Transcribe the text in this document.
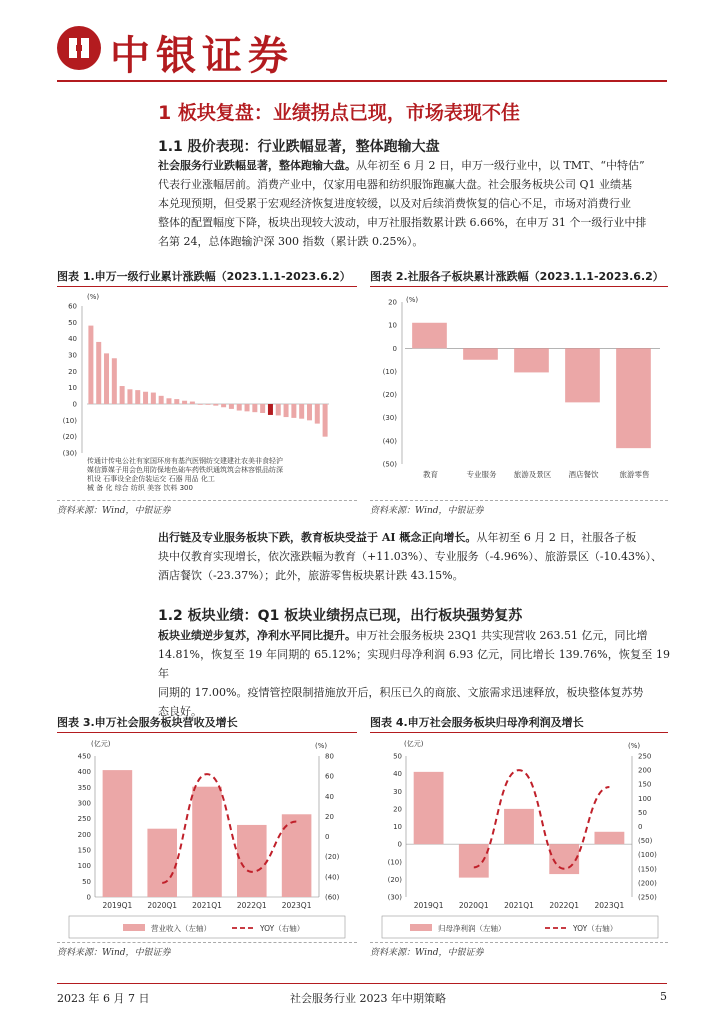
中银证券
1 板块复盘：业绩拐点已现，市场表现不佳
1.1 股价表现：行业跌幅显著，整体跑输大盘
社会服务行业跌幅显著，整体跑输大盘。从年初至 6 月 2 日，申万一级行业中，以 TMT、“中特估”
代表行业涨幅居前。消费产业中，仅家用电器和纺织服饰跑赢大盘。社会服务板块公司 Q1 业绩基
本兑现预期，但受累于宏观经济恢复进度较缓，以及对后续消费恢复的信心不足，市场对消费行业
整体的配置幅度下降，板块出现较大波动，申万社服指数累计跌 6.66%，在申万 31 个一级行业中排
名第 24，总体跑输沪深 300 指数（累计跌 0.25%）。
图表 1.申万一级行业累计涨跌幅（2023.1.1-2023.6.2）
(%)
60
50
40
30
20
10
0
(10)
(20)
(30)
传通计传电公社有家国环房有基汽医钢纺交建建社农美非食轻沪
媒信算媒子用会色用防保地色础车药铁织通筑筑会林容银品纺深
机设 石事设全企仿装运交 石器 用品 化工
械 备 化 综合 纺织 美容 饮料 300
资料来源：Wind，中银证券
图表 2.社服各子板块累计涨跌幅（2023.1.1-2023.6.2）
(%)
20
10
0
(10)
(20)
(30)
(40)
(50)
教育	专业服务 旅游及景区 酒店餐饮	旅游零售
资料来源：Wind，中银证券
出行链及专业服务板块下跌，教育板块受益于 AI 概念正向增长。从年初至 6 月 2 日，社服各子板
块中仅教育实现增长，依次涨跌幅为教育（+11.03%）、专业服务（-4.96%）、旅游景区（-10.43%）、
酒店餐饮（-23.37%）；此外，旅游零售板块累计跌 43.15%。
1.2 板块业绩：Q1 板块业绩拐点已现，出行板块强势复苏
板块业绩逆步复苏，净利水平同比提升。申万社会服务板块 23Q1 共实现营收 263.51 亿元，同比增
14.81%，恢复至 19 年同期的 65.12%；实现归母净利润 6.93 亿元，同比增长 139.76%，恢复至 19 年
同期的 17.00%。疫情管控限制措施放开后，积压已久的商旅、文旅需求迅速释放，板块整体复苏势
态良好。
图表 3.申万社会服务板块营收及增长
(亿元)	(%)
450
400
350
300
250
200
150
100
50
0
80
60
40
20
0
(20)
(40)
(60)
2019Q1 2020Q1 2021Q1 2022Q1 2023Q1
营业收入（左轴）	YOY（右轴）
资料来源：Wind，中银证券
图表 4.申万社会服务板块归母净利润及增长
(亿元)	(%)
50
40
30
20
10
0
(10)
(20)
(30)
250
200
150
100
50
0
(50)
(100)
(150)
(200)
(250)
2019Q1 2020Q1 2021Q1 2022Q1 2023Q1
归母净利润（左轴）	YOY（右轴）
资料来源：Wind，中银证券
2023 年 6 月 7 日	社会服务行业 2023 年中期策略	5
